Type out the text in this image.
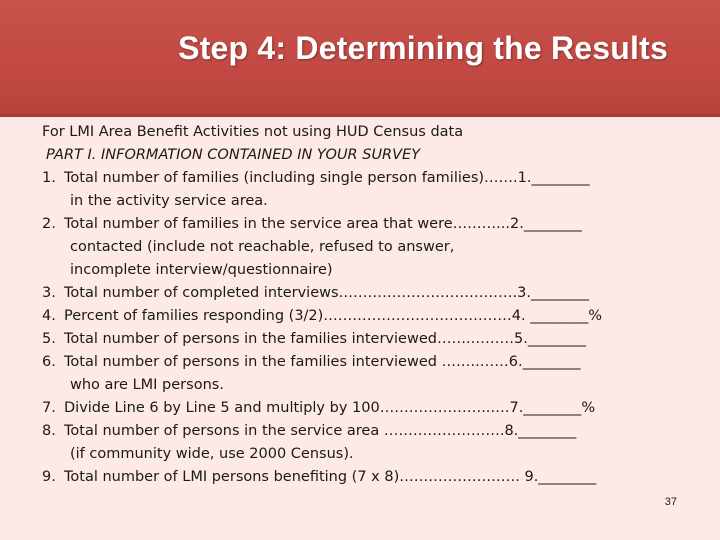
Step 4: Determining the Results
For LMI Area Benefit Activities not using HUD Census data
PART I. INFORMATION CONTAINED IN YOUR SURVEY
1. Total number of families (including single person families)…….1.________
in the activity service area.
2. Total number of families in the service area that were………...2.________
contacted (include not reachable, refused to answer,
incomplete interview/questionnaire)
3. Total number of completed interviews……………………………….3.________
4. Percent of families responding (3/2)…………………………………4. ________%
5. Total number of persons in the families interviewed…….………5.________
6. Total number of persons in the families interviewed ……..……6.________
who are LMI persons.
7. Divide Line 6 by Line 5 and multiply by 100…………………..….7.________%
8. Total number of persons in the service area …………………….8.________
(if community wide, use 2000 Census).
9. Total number of LMI persons benefiting (7 x 8)……………………. 9.________
37
